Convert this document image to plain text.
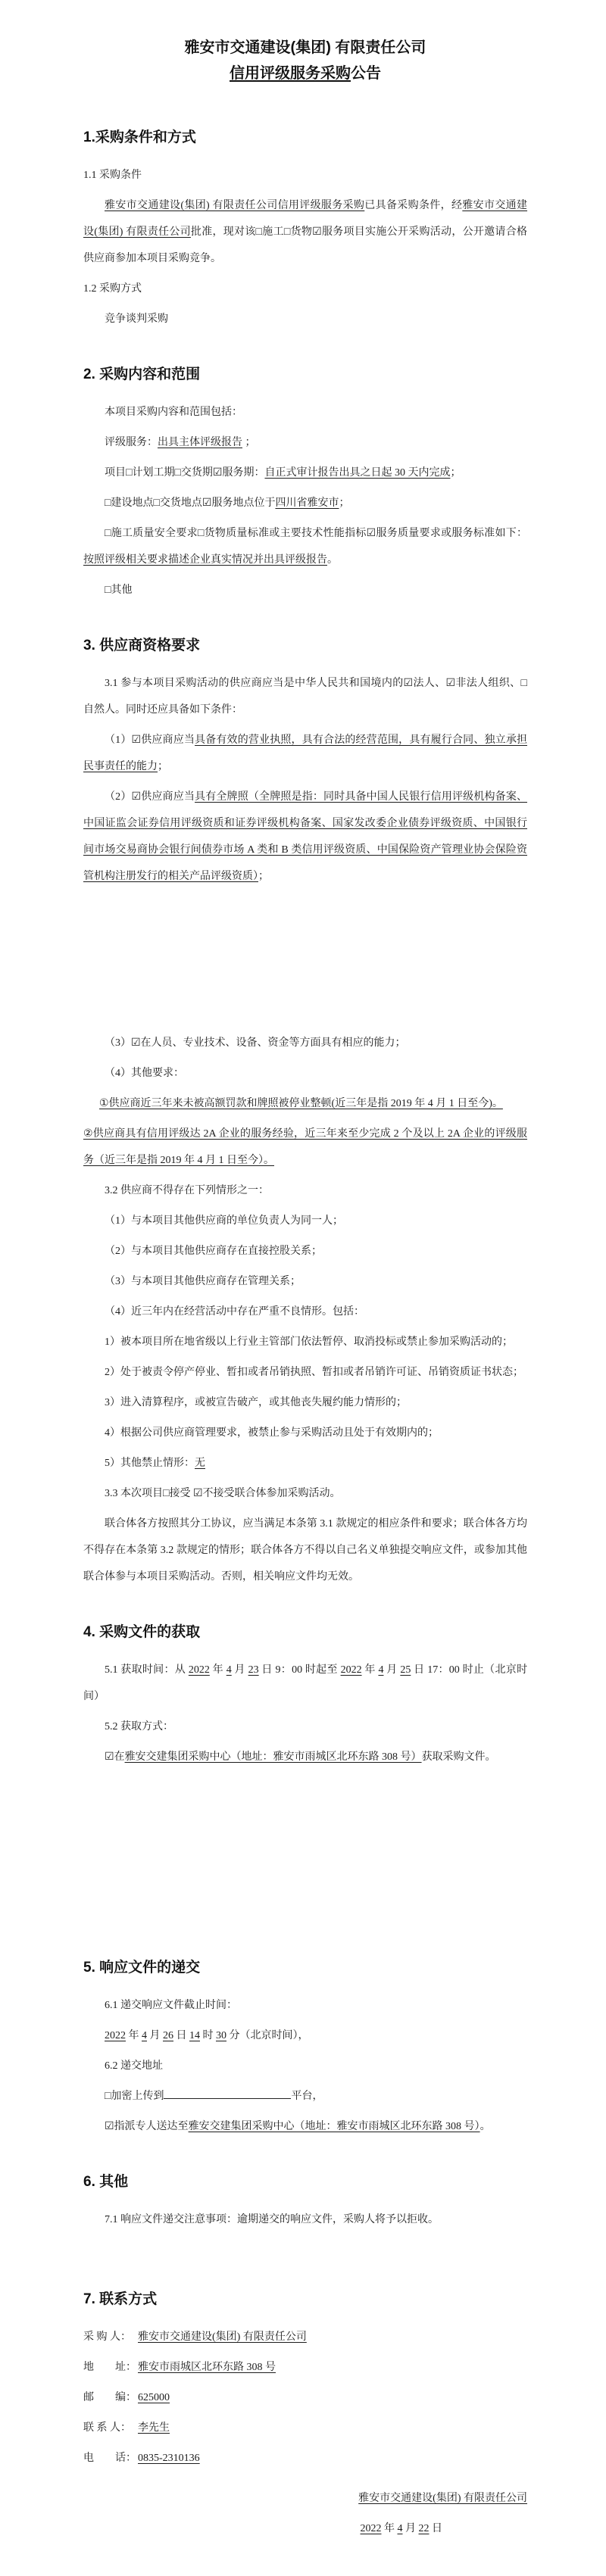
雅安市交通建设(集团) 有限责任公司
信用评级服务采购公告
1.采购条件和方式

1.1 采购条件

雅安市交通建设(集团) 有限责任公司信用评级服务采购已具备采购条件，经雅安市交通建设(集团) 有限责任公司批准，现对该□施工□货物☑服务项目实施公开采购活动，公开邀请合格供应商参加本项目采购竞争。

1.2 采购方式

竞争谈判采购

2. 采购内容和范围

本项目采购内容和范围包括：

评级服务：出具主体评级报告 ；

项目□计划工期□交货期☑服务期：自正式审计报告出具之日起 30 天内完成；

□建设地点□交货地点☑服务地点位于四川省雅安市；

□施工质量安全要求□货物质量标准或主要技术性能指标☑服务质量要求或服务标准如下：按照评级相关要求描述企业真实情况并出具评级报告。

□其他

3. 供应商资格要求

3.1 参与本项目采购活动的供应商应当是中华人民共和国境内的☑法人、☑非法人组织、□自然人。同时还应具备如下条件：

（1）☑供应商应当具备有效的营业执照，具有合法的经营范围，具有履行合同、独立承担民事责任的能力；

（2）☑供应商应当具有全牌照（全牌照是指：同时具备中国人民银行信用评级机构备案、中国证监会证券信用评级资质和证券评级机构备案、国家发改委企业债券评级资质、中国银行间市场交易商协会银行间债券市场 A 类和 B 类信用评级资质、中国保险资产管理业协会保险资管机构注册发行的相关产品评级资质）；

（3）☑在人员、专业技术、设备、资金等方面具有相应的能力；

（4）其他要求：

①供应商近三年来未被高额罚款和牌照被停业整顿(近三年是指 2019 年 4 月 1 日至今)。

②供应商具有信用评级达 2A 企业的服务经验，近三年来至少完成 2 个及以上 2A 企业的评级服务（近三年是指 2019 年 4 月 1 日至今）。

3.2 供应商不得存在下列情形之一：

（1）与本项目其他供应商的单位负责人为同一人；

（2）与本项目其他供应商存在直接控股关系；

（3）与本项目其他供应商存在管理关系；

（4）近三年内在经营活动中存在严重不良情形。包括：

1）被本项目所在地省级以上行业主管部门依法暂停、取消投标或禁止参加采购活动的；

2）处于被责令停产停业、暂扣或者吊销执照、暂扣或者吊销许可证、吊销资质证书状态；

3）进入清算程序，或被宣告破产，或其他丧失履约能力情形的；

4）根据公司供应商管理要求，被禁止参与采购活动且处于有效期内的；

5）其他禁止情形：无

3.3 本次项目□接受 ☑不接受联合体参加采购活动。

联合体各方按照其分工协议，应当满足本条第 3.1 款规定的相应条件和要求；联合体各方均不得存在本条第 3.2 款规定的情形；联合体各方不得以自己名义单独提交响应文件，或参加其他联合体参与本项目采购活动。否则，相关响应文件均无效。

4. 采购文件的获取

5.1 获取时间：从 2022 年 4 月 23 日 9：00 时起至 2022 年 4 月 25 日 17：00 时止（北京时间）

5.2 获取方式：

☑在雅安交建集团采购中心（地址：雅安市雨城区北环东路 308 号）获取采购文件。

5. 响应文件的递交

6.1 递交响应文件截止时间：

2022 年 4 月 26 日 14 时 30 分（北京时间），

6.2 递交地址

□加密上传到	平台，

☑指派专人送达至雅安交建集团采购中心（地址：雅安市雨城区北环东路 308 号）。

6. 其他

7.1 响应文件递交注意事项：逾期递交的响应文件，采购人将予以拒收。

7. 联系方式

采 购 人： 雅安市交通建设(集团) 有限责任公司

地　　址： 雅安市雨城区北环东路 308 号

邮　　编： 625000

联 系 人： 李先生

电　　话： 0835-2310136

雅安市交通建设(集团) 有限责任公司

2022 年 4 月 22 日
